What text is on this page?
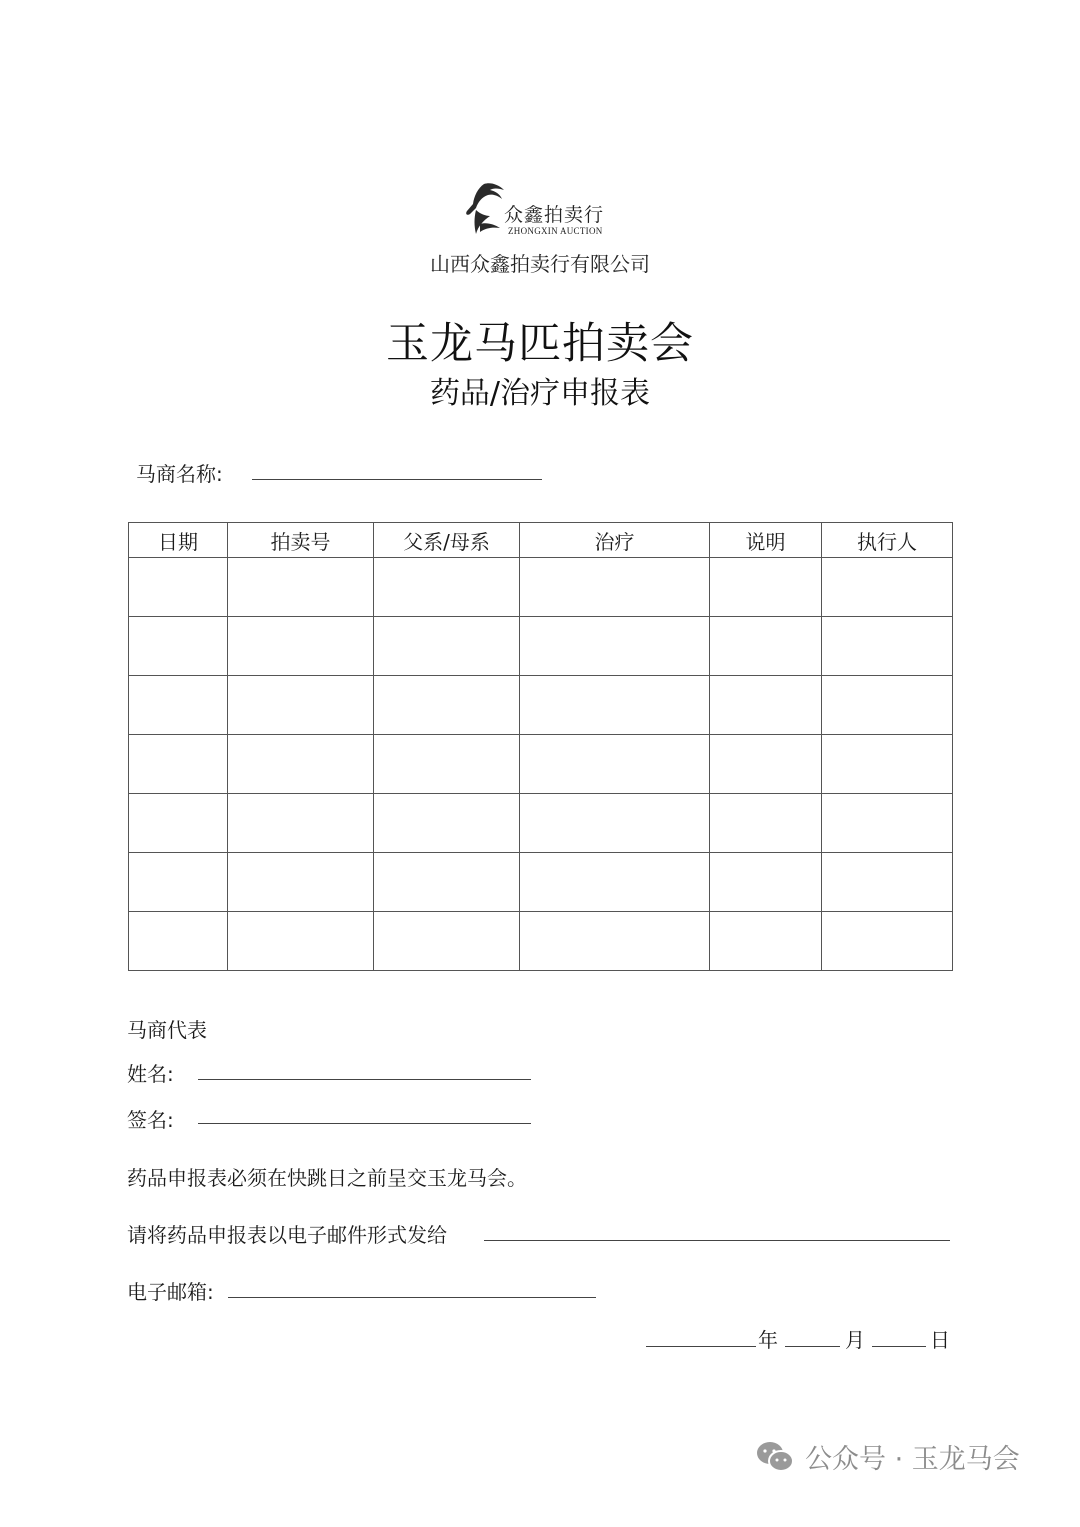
众鑫拍卖行
ZHONGXIN AUCTION
山西众鑫拍卖行有限公司
玉龙马匹拍卖会
药品/治疗申报表
马商名称:
日期	拍卖号	父系/母系	治疗	说明	执行人

马商代表
姓名:
签名:
药品申报表必须在快跳日之前呈交玉龙马会。
请将药品申报表以电子邮件形式发给
电子邮箱:
年	月	日
公众号 · 玉龙马会
